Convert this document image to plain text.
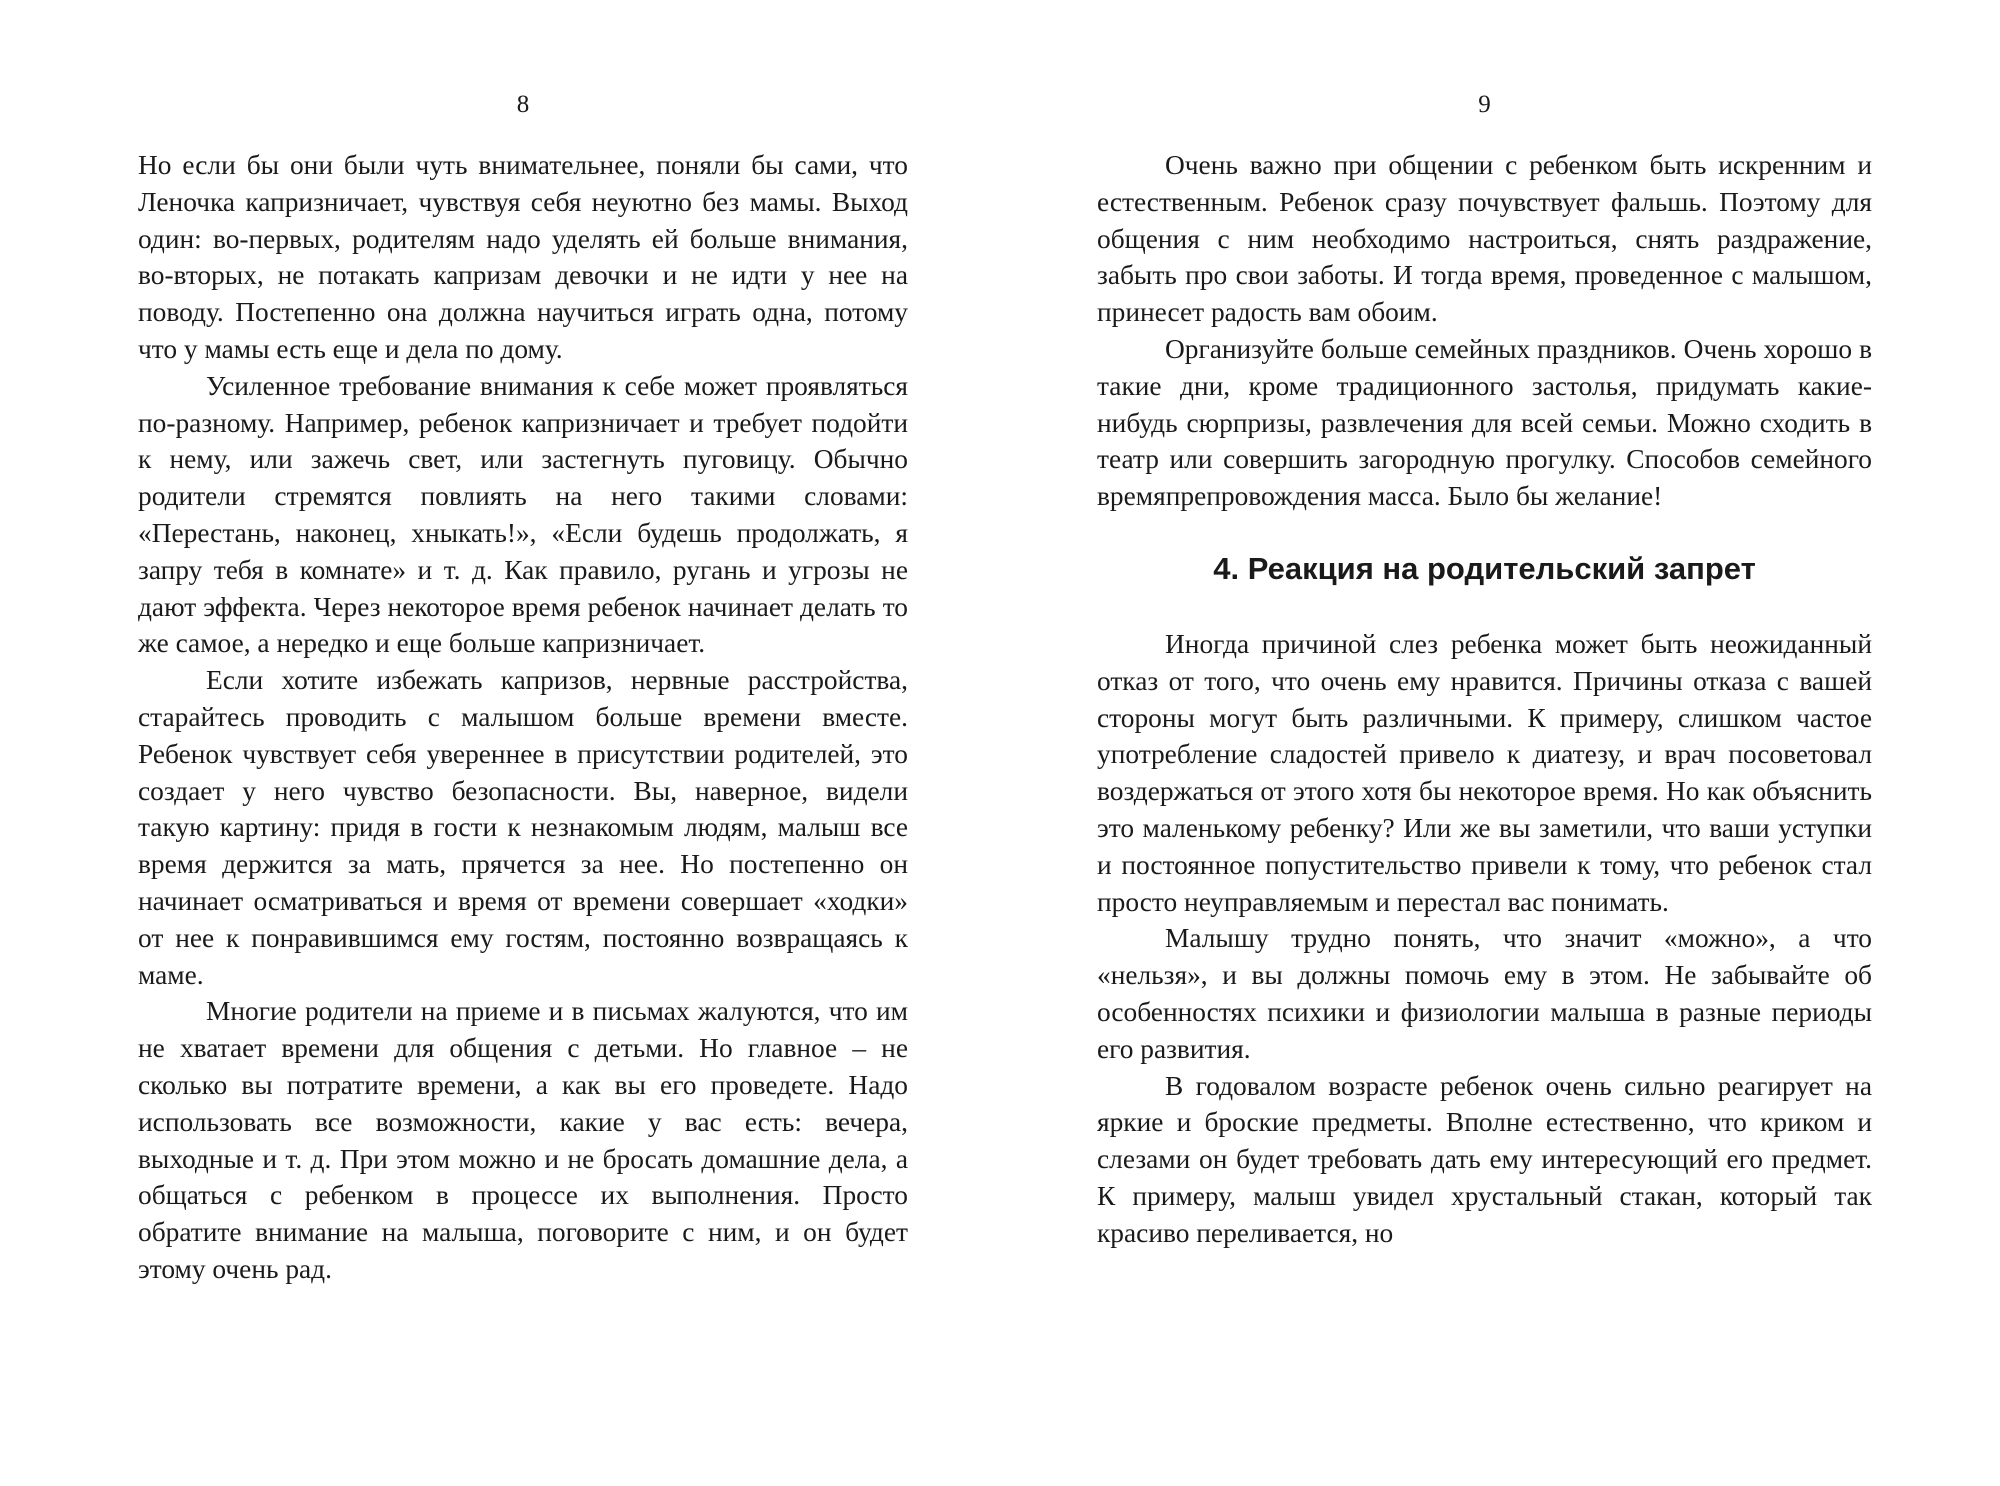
8

Но если бы они были чуть внимательнее, поняли бы сами, что Леночка капризничает, чувствуя себя неуютно без мамы. Выход один: во-первых, родителям надо уделять ей больше внимания, во-вторых, не потакать капризам девочки и не идти у нее на поводу. Постепенно она должна научиться играть одна, потому что у мамы есть еще и дела по дому.

Усиленное требование внимания к себе может проявляться по-разному. Например, ребенок капризничает и требует подойти к нему, или зажечь свет, или застегнуть пуговицу. Обычно родители стремятся повлиять на него такими словами: «Перестань, наконец, хныкать!», «Если будешь продолжать, я запру тебя в комнате» и т. д. Как правило, ругань и угрозы не дают эффекта. Через некоторое время ребенок начинает делать то же самое, а нередко и еще больше капризничает.

Если хотите избежать капризов, нервные расстройства, старайтесь проводить с малышом больше времени вместе. Ребенок чувствует себя увереннее в присутствии родителей, это создает у него чувство безопасности. Вы, наверное, видели такую картину: придя в гости к незнакомым людям, малыш все время держится за мать, прячется за нее. Но постепенно он начинает осматриваться и время от времени совершает «ходки» от нее к понравившимся ему гостям, постоянно возвращаясь к маме.

Многие родители на приеме и в письмах жалуются, что им не хватает времени для общения с детьми. Но главное – не сколько вы потратите времени, а как вы его проведете. Надо использовать все возможности, какие у вас есть: вечера, выходные и т. д. При этом можно и не бросать домашние дела, а общаться с ребенком в процессе их выполнения. Просто обратите внимание на малыша, поговорите с ним, и он будет этому очень рад.

9

Очень важно при общении с ребенком быть искренним и естественным. Ребенок сразу почувствует фальшь. Поэтому для общения с ним необходимо настроиться, снять раздражение, забыть про свои заботы. И тогда время, проведенное с малышом, принесет радость вам обоим.

Организуйте больше семейных праздников. Очень хорошо в такие дни, кроме традиционного застолья, придумать какие-нибудь сюрпризы, развлечения для всей семьи. Можно сходить в театр или совершить загородную прогулку. Способов семейного времяпрепровождения масса. Было бы желание!

4. Реакция на родительский запрет

Иногда причиной слез ребенка может быть неожиданный отказ от того, что очень ему нравится. Причины отказа с вашей стороны могут быть различными. К примеру, слишком частое употребление сладостей привело к диатезу, и врач посоветовал воздержаться от этого хотя бы некоторое время. Но как объяснить это маленькому ребенку? Или же вы заметили, что ваши уступки и постоянное попустительство привели к тому, что ребенок стал просто неуправляемым и перестал вас понимать.

Малышу трудно понять, что значит «можно», а что «нельзя», и вы должны помочь ему в этом. Не забывайте об особенностях психики и физиологии малыша в разные периоды его развития.

В годовалом возрасте ребенок очень сильно реагирует на яркие и броские предметы. Вполне естественно, что криком и слезами он будет требовать дать ему интересующий его предмет. К примеру, малыш увидел хрустальный стакан, который так красиво переливается, но
